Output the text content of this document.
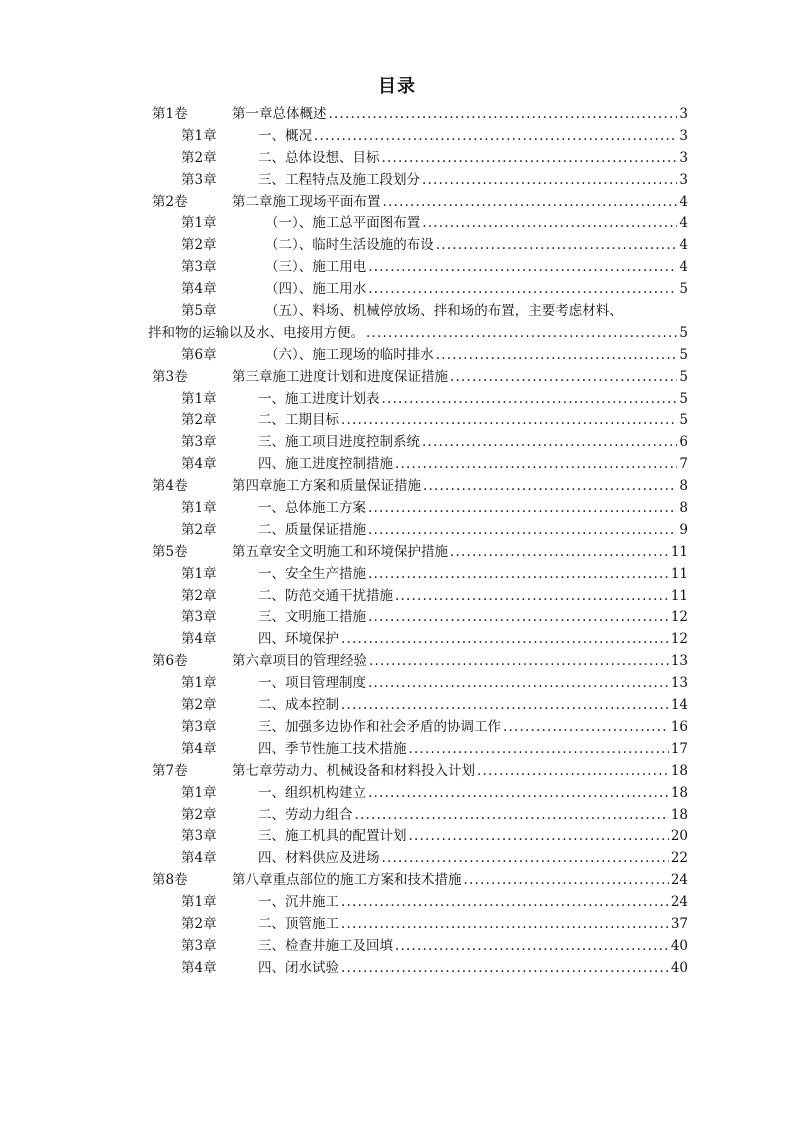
目录
第1卷	第一章总体概述 .....	3
第1章	一、概况 .....	3
第2章	二、总体设想、目标 .....	3
第3章	三、工程特点及施工段划分 .....	3
第2卷	第二章施工现场平面布置 .....	4
第1章	（一）、施工总平面图布置 .....	4
第2章	（二）、临时生活设施的布设 .....	4
第3章	（三）、施工用电 .....	4
第4章	（四）、施工用水 .....	5
第5章	（五）、料场、机械停放场、拌和场的布置，主要考虑材料、
拌和物的运输以及水、电接用方便。 .....	5
第6章	（六）、施工现场的临时排水 .....	5
第3卷	第三章施工进度计划和进度保证措施 .....	5
第1章	一、施工进度计划表 .....	5
第2章	二、工期目标 .....	5
第3章	三、施工项目进度控制系统 .....	6
第4章	四、施工进度控制措施 .....	7
第4卷	第四章施工方案和质量保证措施 .....	8
第1章	一、总体施工方案 .....	8
第2章	二、质量保证措施 .....	9
第5卷	第五章安全文明施工和环境保护措施 .....	11
第1章	一、安全生产措施 .....	11
第2章	二、防范交通干扰措施 .....	11
第3章	三、文明施工措施 .....	12
第4章	四、环境保护 .....	12
第6卷	第六章项目的管理经验 .....	13
第1章	一、项目管理制度 .....	13
第2章	二、成本控制 .....	14
第3章	三、加强多边协作和社会矛盾的协调工作 .....	16
第4章	四、季节性施工技术措施 .....	17
第7卷	第七章劳动力、机械设备和材料投入计划 .....	18
第1章	一、组织机构建立 .....	18
第2章	二、劳动力组合 .....	18
第3章	三、施工机具的配置计划 .....	20
第4章	四、材料供应及进场 .....	22
第8卷	第八章重点部位的施工方案和技术措施 .....	24
第1章	一、沉井施工 .....	24
第2章	二、顶管施工 .....	37
第3章	三、检查井施工及回填 .....	40
第4章	四、闭水试验 .....	40
